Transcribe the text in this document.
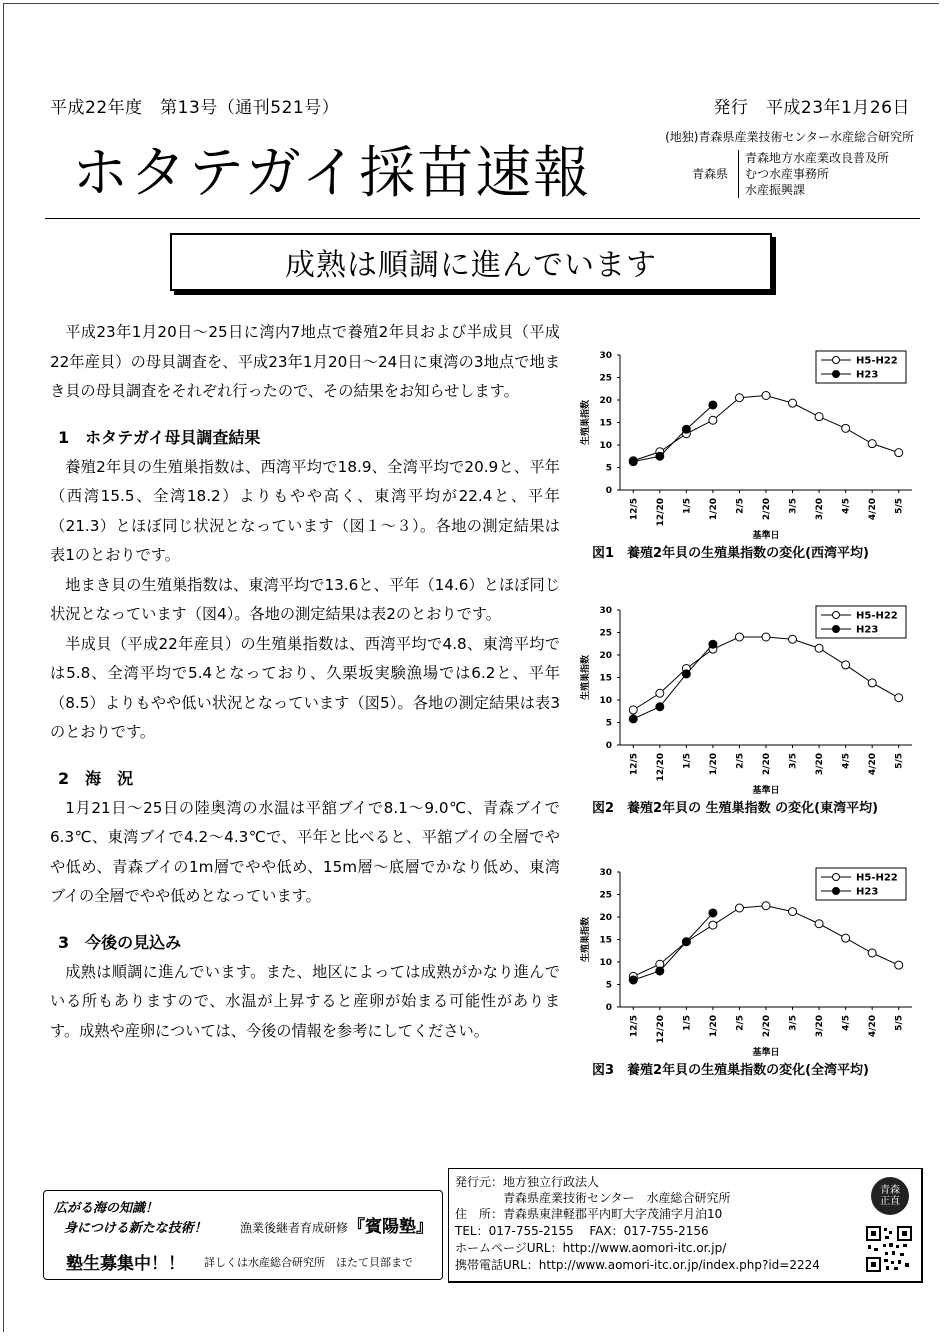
平成22年度　第13号（通刊521号）	発行　平成23年1月26日
(地独)青森県産業技術センター水産総合研究所
ホタテガイ採苗速報	青森県
青森地方水産業改良普及所
むつ水産事務所
水産振興課
成熟は順調に進んでいます

平成23年1月20日～25日に湾内7地点で養殖2年貝および半成貝（平成22年産貝）の母貝調査を、平成23年1月20日～24日に東湾の3地点で地まき貝の母貝調査をそれぞれ行ったので、その結果をお知らせします。

1　ホタテガイ母貝調査結果

養殖2年貝の生殖巣指数は、西湾平均で18.9、全湾平均で20.9と、平年（西湾15.5、全湾18.2）よりもやや高く、東湾平均が22.4と、平年（21.3）とほぼ同じ状況となっています（図１～３）。各地の測定結果は表1のとおりです。

地まき貝の生殖巣指数は、東湾平均で13.6と、平年（14.6）とほぼ同じ状況となっています（図4）。各地の測定結果は表2のとおりです。

半成貝（平成22年産貝）の生殖巣指数は、西湾平均で4.8、東湾平均では5.8、全湾平均で5.4となっており、久栗坂実験漁場では6.2と、平年（8.5）よりもやや低い状況となっています（図5）。各地の測定結果は表3のとおりです。

2　海　況

1月21日～25日の陸奥湾の水温は平舘ブイで8.1～9.0℃、青森ブイで6.3℃、東湾ブイで4.2～4.3℃で、平年と比べると、平舘ブイの全層でやや低め、青森ブイの1m層でやや低め、15m層～底層でかなり低め、東湾ブイの全層でやや低めとなっています。

3　今後の見込み

成熟は順調に進んでいます。また、地区によっては成熟がかなり進んでいる所もありますので、水温が上昇すると産卵が始まる可能性があります。成熟や産卵については、今後の情報を参考にしてください。

0
5
10
15
20
25
30
12/5 12/20 1/5 1/20 2/5 2/20 3/5 3/20 4/5 4/20 5/5
基準日
生殖巣指数
H5-H22
H23
図1　養殖2年貝の生殖巣指数の変化(西湾平均)
0
5
10
15
20
25
30
12/5 12/20 1/5 1/20 2/5 2/20 3/5 3/20 4/5 4/20 5/5
基準日
生殖巣指数
H5-H22
H23
図2　養殖2年貝の 生殖巣指数 の変化(東湾平均)
0
5
10
15
20
25
30
12/5 12/20 1/5 1/20 2/5 2/20 3/5 3/20 4/5 4/20 5/5
基準日
生殖巣指数
H5-H22
H23
図3　養殖2年貝の生殖巣指数の変化(全湾平均)
広がる海の知識！
身につける新たな技術！	漁業後継者育成研修『賓陽塾』
塾生募集中！！ 詳しくは水産総合研究所　ほたて貝部まで
発行元：地方独立行政法人
　　　　青森県産業技術センター　水産総合研究所
住　所：青森県東津軽郡平内町大字茂浦字月泊10
TEL：017-755-2155　 FAX：017-755-2156
ホームページURL：http://www.aomori-itc.or.jp/
携帯電話URL：http://www.aomori-itc.or.jp/index.php?id=2224
青森
正直
